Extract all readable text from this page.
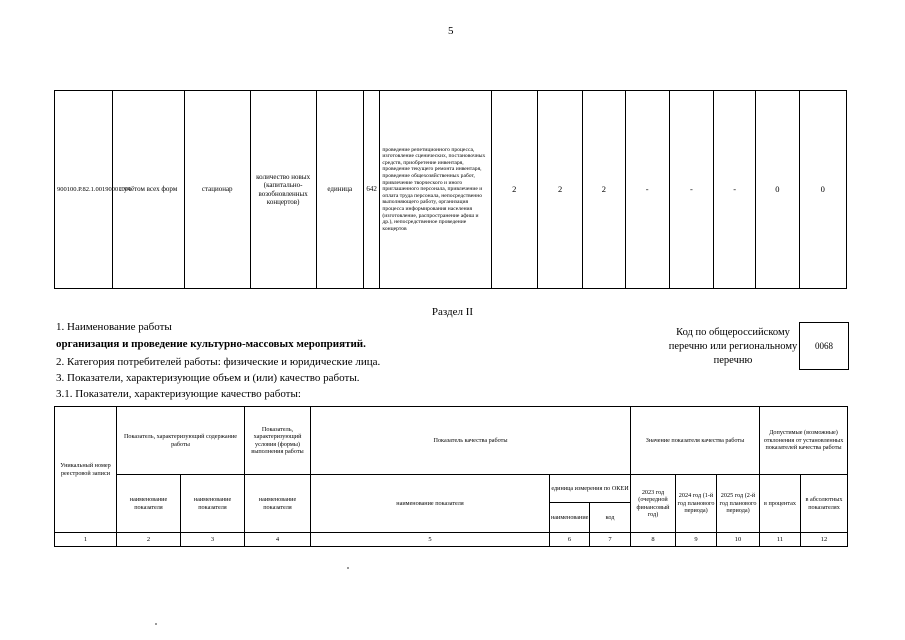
5
900100.Р.82.1.00190001001	с учётом всех форм	стационар	количество новых (капитально-возобновленных концертов)	единица	642	проведение репетиционного процесса, изготовление сценических, постановочных средств, приобретение инвентаря, проведение текущего ремонта инвентаря, проведение общехозяйственных работ, привлечение творческого и иного приглашенного персонала, привлечение и оплата труда персонала, непосредственно выполняющего работу, организация процесса информирования населения (изготовление, распространение афиш и др.), непосредственное проведение концертов	2	2	2	-	-	-	0	0
Раздел II
1. Наименование работы
организация и проведение культурно-массовых мероприятий.
2. Категория потребителей работы: физические и юридические лица.
3. Показатели, характеризующие объем и (или) качество работы.
3.1. Показатели, характеризующие качество работы:
Код по общероссийскому перечню или региональному перечню
0068
Уникальный номер реестровой записи	Показатель, характеризующий содержание работы		Показатель, характеризующий условия (формы) выполнения работы	Показатель качества работы			Значение показателя качества работы			Допустимые (возможные) отклонения от установленных показателей качества работы	
	наименование показателя	наименование показателя	наименование показателя	наименование показателя	единица измерения по ОКЕИ		2023 год (очередной финансовый год)	2024 год (1-й год планового периода)	2025 год (2-й год планового периода)	в процентах	в абсолютных показателях
					наименование	код					
1	2	3	4	5	6	7	8	9	10	11	12
